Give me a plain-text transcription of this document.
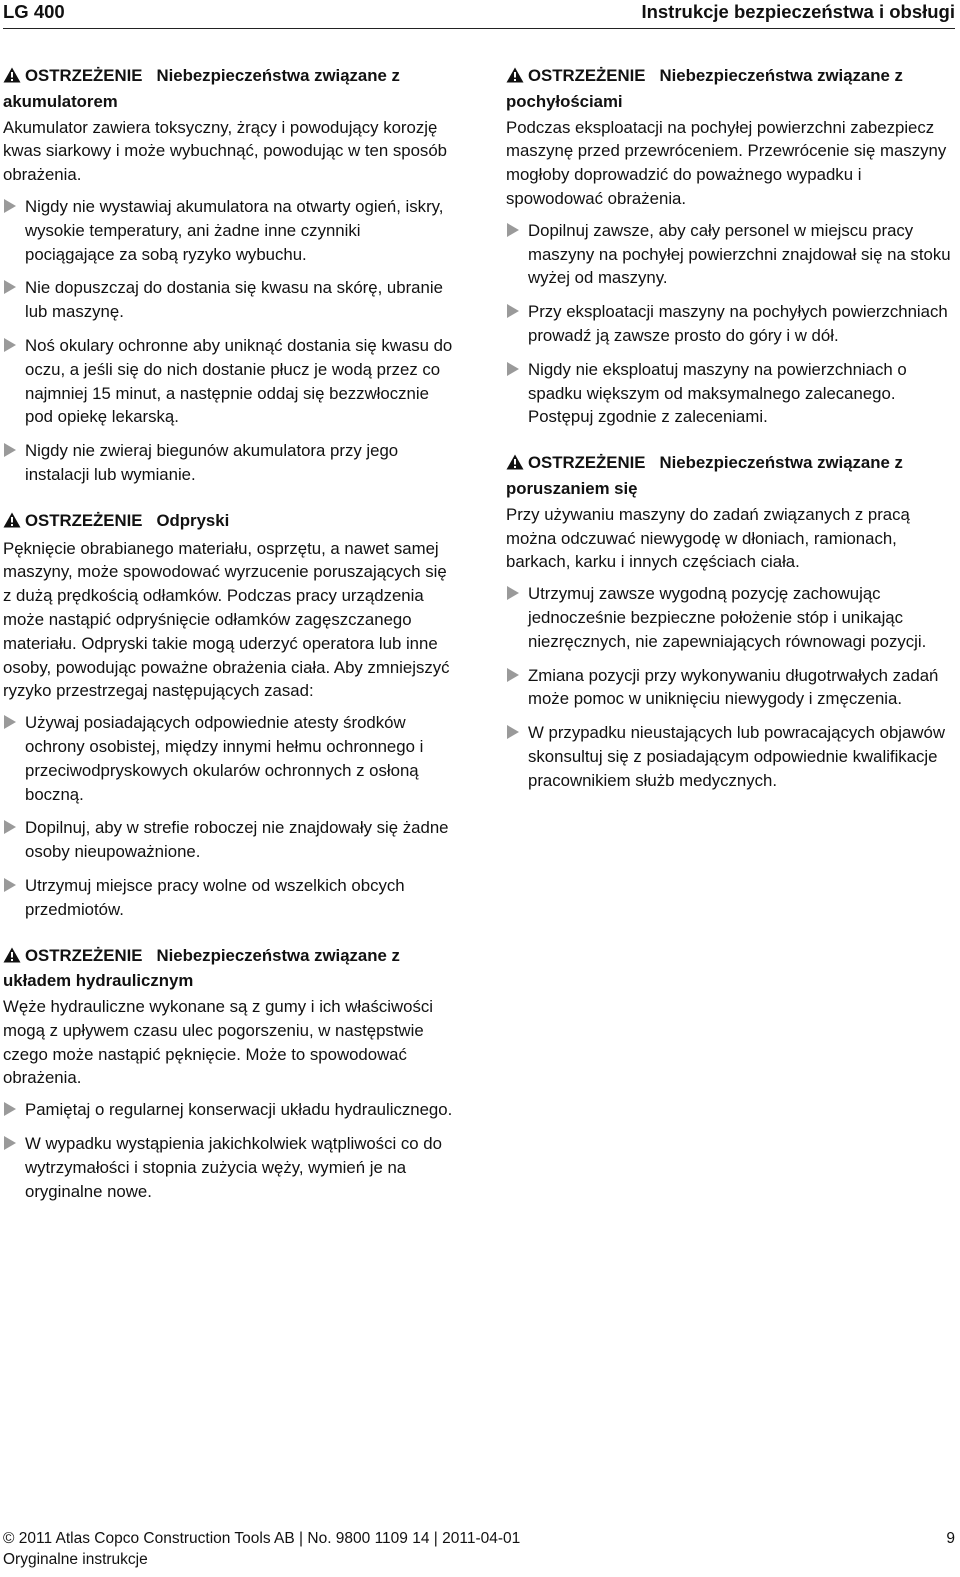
LG 400	Instrukcje bezpieczeństwa i obsługi
OSTRZEŻENIE Niebezpieczeństwa związane z akumulatorem
Akumulator zawiera toksyczny, żrący i powodujący korozję kwas siarkowy i może wybuchnąć, powodując w ten sposób obrażenia.
Nigdy nie wystawiaj akumulatora na otwarty ogień, iskry, wysokie temperatury, ani żadne inne czynniki pociągające za sobą ryzyko wybuchu.
Nie dopuszczaj do dostania się kwasu na skórę, ubranie lub maszynę.
Noś okulary ochronne aby uniknąć dostania się kwasu do oczu, a jeśli się do nich dostanie płucz je wodą przez co najmniej 15 minut, a następnie oddaj się bezzwłocznie pod opiekę lekarską.
Nigdy nie zwieraj biegunów akumulatora przy jego instalacji lub wymianie.
OSTRZEŻENIE Odpryski
Pęknięcie obrabianego materiału, osprzętu, a nawet samej maszyny, może spowodować wyrzucenie poruszających się z dużą prędkością odłamków. Podczas pracy urządzenia może nastąpić odpryśnięcie odłamków zagęszczanego materiału. Odpryski takie mogą uderzyć operatora lub inne osoby, powodując poważne obrażenia ciała. Aby zmniejszyć ryzyko przestrzegaj następujących zasad:
Używaj posiadających odpowiednie atesty środków ochrony osobistej, między innymi hełmu ochronnego i przeciwodpryskowych okularów ochronnych z osłoną boczną.
Dopilnuj, aby w strefie roboczej nie znajdowały się żadne osoby nieupoważnione.
Utrzymuj miejsce pracy wolne od wszelkich obcych przedmiotów.
OSTRZEŻENIE Niebezpieczeństwa związane z układem hydraulicznym
Węże hydrauliczne wykonane są z gumy i ich właściwości mogą z upływem czasu ulec pogorszeniu, w następstwie czego może nastąpić pęknięcie. Może to spowodować obrażenia.
Pamiętaj o regularnej konserwacji układu hydraulicznego.
W wypadku wystąpienia jakichkolwiek wątpliwości co do wytrzymałości i stopnia zużycia węży, wymień je na oryginalne nowe.
OSTRZEŻENIE Niebezpieczeństwa związane z pochyłościami
Podczas eksploatacji na pochyłej powierzchni zabezpiecz maszynę przed przewróceniem. Przewrócenie się maszyny mogłoby doprowadzić do poważnego wypadku i spowodować obrażenia.
Dopilnuj zawsze, aby cały personel w miejscu pracy maszyny na pochyłej powierzchni znajdował się na stoku wyżej od maszyny.
Przy eksploatacji maszyny na pochyłych powierzchniach prowadź ją zawsze prosto do góry i w dół.
Nigdy nie eksploatuj maszyny na powierzchniach o spadku większym od maksymalnego zalecanego. Postępuj zgodnie z zaleceniami.
OSTRZEŻENIE Niebezpieczeństwa związane z poruszaniem się
Przy używaniu maszyny do zadań związanych z pracą można odczuwać niewygodę w dłoniach, ramionach, barkach, karku i innych częściach ciała.
Utrzymuj zawsze wygodną pozycję zachowując jednocześnie bezpieczne położenie stóp i unikając niezręcznych, nie zapewniających równowagi pozycji.
Zmiana pozycji przy wykonywaniu długotrwałych zadań może pomoc w uniknięciu niewygody i zmęczenia.
W przypadku nieustających lub powracających objawów skonsultuj się z posiadającym odpowiednie kwalifikacje pracownikiem służb medycznych.
© 2011 Atlas Copco Construction Tools AB | No. 9800 1109 14 | 2011-04-01	9
Oryginalne instrukcje
